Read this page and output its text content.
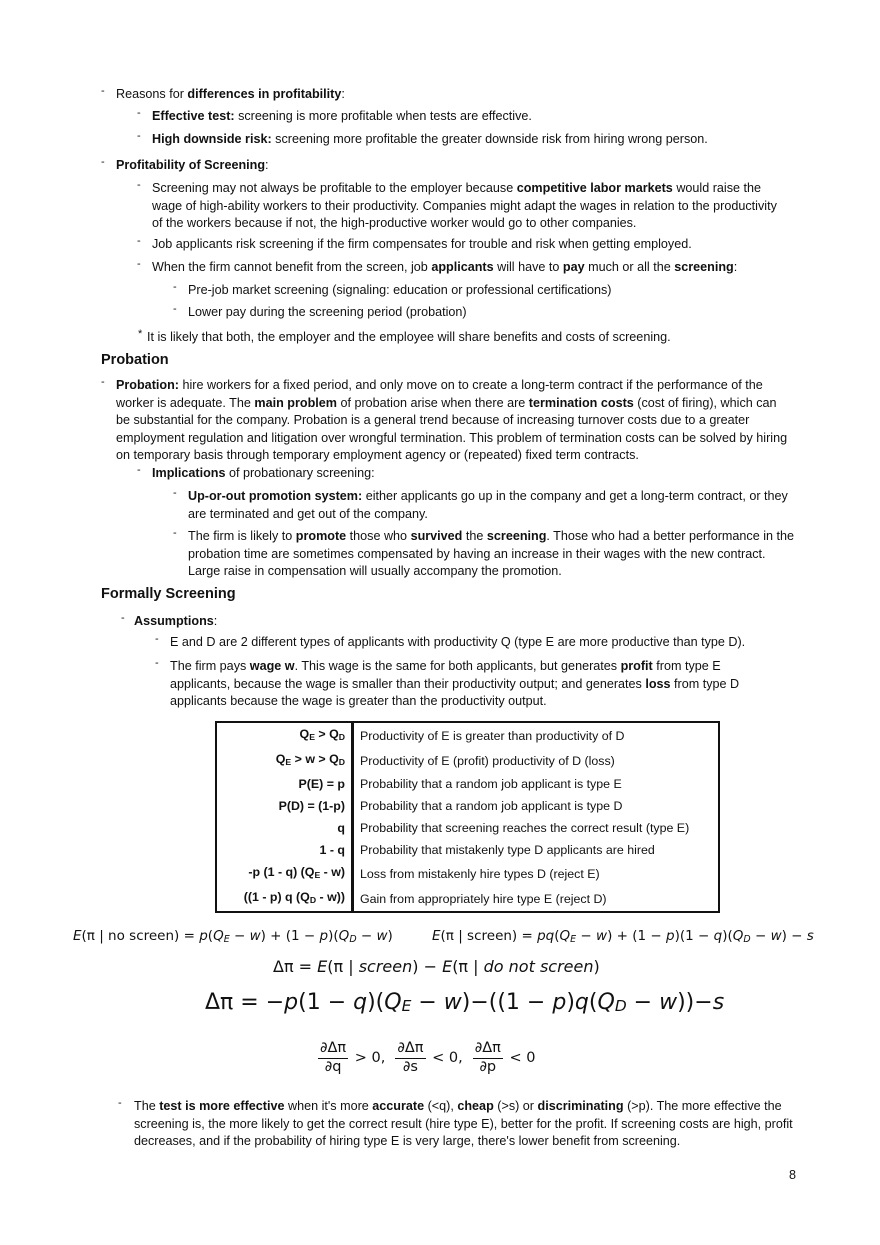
- Reasons for differences in profitability:
- Effective test: screening is more profitable when tests are effective.
- High downside risk: screening more profitable the greater downside risk from hiring wrong person.
- Profitability of Screening:
- Screening may not always be profitable to the employer because competitive labor markets would raise the wage of high-ability workers to their productivity. Companies might adapt the wages in relation to the productivity of the workers because if not, the high-productive worker would go to other companies.
- Job applicants risk screening if the firm compensates for trouble and risk when getting employed.
- When the firm cannot benefit from the screen, job applicants will have to pay much or all the screening:
- Pre-job market screening (signaling: education or professional certifications)
- Lower pay during the screening period (probation)
* It is likely that both, the employer and the employee will share benefits and costs of screening.
Probation
- Probation: hire workers for a fixed period, and only move on to create a long-term contract if the performance of the worker is adequate. The main problem of probation arise when there are termination costs (cost of firing), which can be substantial for the company. Probation is a general trend because of increasing turnover costs due to a greater employment regulation and litigation over wrongful termination. This problem of termination costs can be solved by hiring on temporary basis through temporary employment agency or (repeated) fixed term contracts.
- Implications of probationary screening:
- Up-or-out promotion system: either applicants go up in the company and get a long-term contract, or they are terminated and get out of the company.
- The firm is likely to promote those who survived the screening. Those who had a better performance in the probation time are sometimes compensated by having an increase in their wages with the new contract. Large raise in compensation will usually accompany the promotion.
Formally Screening
- Assumptions:
- E and D are 2 different types of applicants with productivity Q (type E are more productive than type D).
- The firm pays wage w. This wage is the same for both applicants, but generates profit from type E applicants, because the wage is smaller than their productivity output; and generates loss from type D applicants because the wage is greater than the productivity output.
$Q_E > Q_D$	Productivity of E is greater than productivity of D
$Q_E > w > Q_D$	Productivity of E (profit) productivity of D (loss)
P(E) = p	Probability that a random job applicant is type E
P(D) = (1-p)	Probability that a random job applicant is type D
q	Probability that screening reaches the correct result (type E)
1 - q	Probability that mistakenly type D applicants are hired
-p (1 - q) $(Q_E - w)$	Loss from mistakenly hire types D (reject E)
((1 - p) q $(Q_D - w)$)	Gain from appropriately hire type E (reject D)
E(π | no screen) = $p(Q_E - w) + (1 - p)(Q_D - w)$	E(π | screen) = $pq(Q_E - w) + (1 - p)(1 - q)(Q_D - w) - s$
Δπ = E(π | screen) − E(π | do not screen)
$\Delta\pi = -p(1 - q)(Q_E - w)-((1 - p)q(Q_D - w))-s$
$\frac{\partial\Delta\pi}{\partial q} > 0$, $\frac{\partial\Delta\pi}{\partial s} < 0$, $\frac{\partial\Delta\pi}{\partial p} < 0$
- The test is more effective when it's more accurate (<q), cheap (>s) or discriminating (>p). The more effective the screening is, the more likely to get the correct result (hire type E), better for the profit. If screening costs are high, profit decreases, and if the probability of hiring type E is very large, there's lower benefit from screening.
8
